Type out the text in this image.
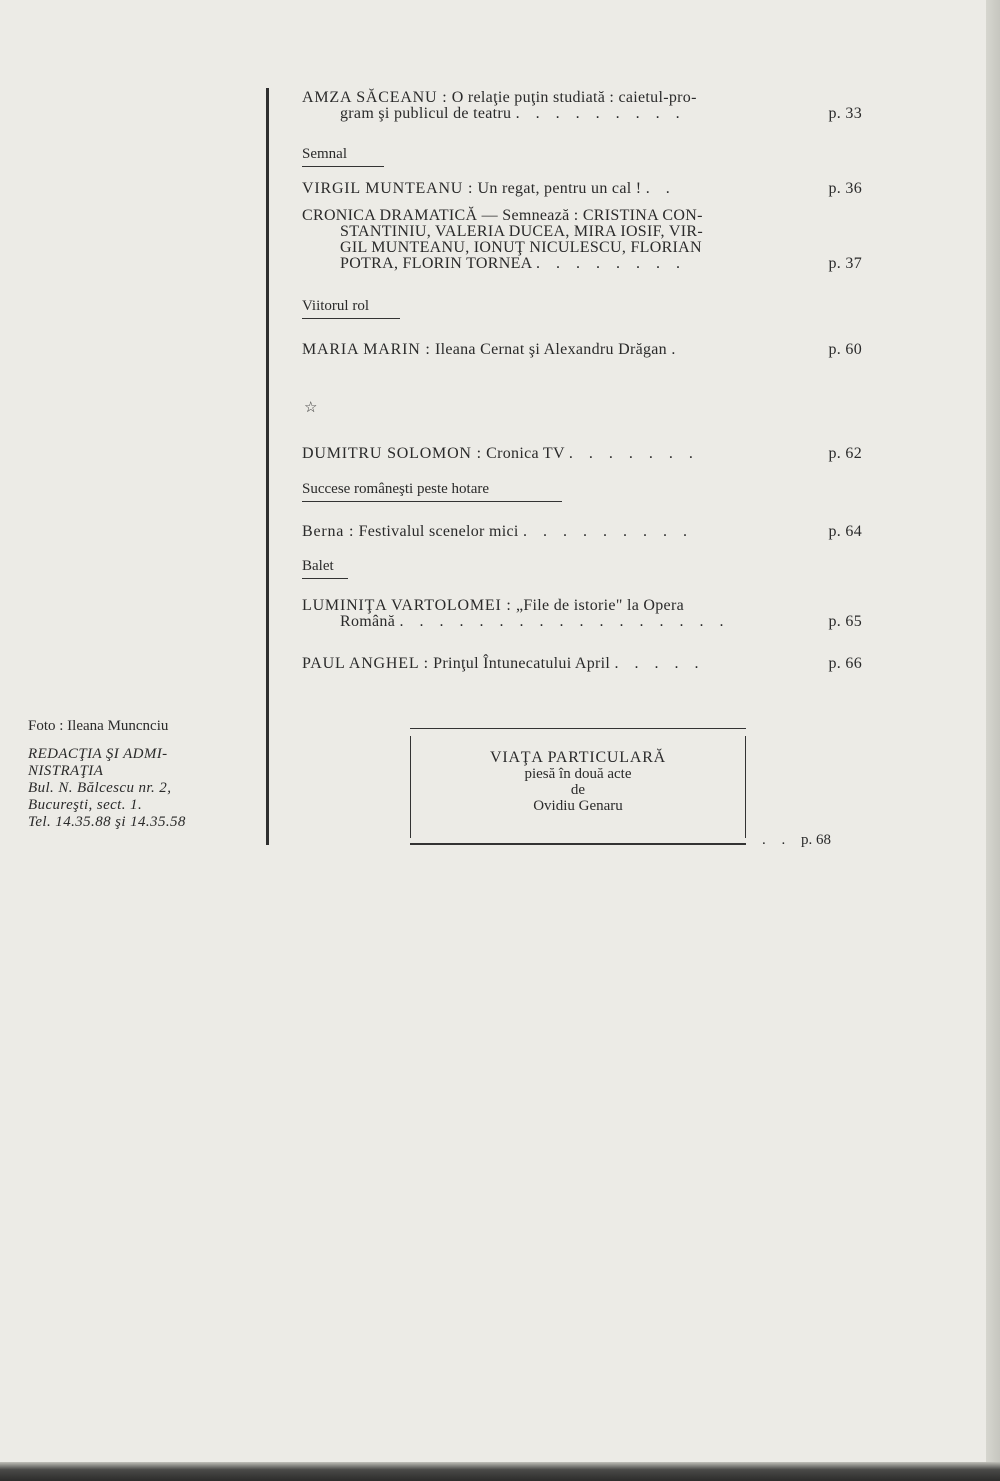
AMZA SĂCEANU : O relaţie puţin studiată : caietul-pro-
gram şi publicul de teatru . . . . . . . . .	p. 33
Semnal
VIRGIL MUNTEANU : Un regat, pentru un cal ! . .	p. 36
CRONICA DRAMATICĂ — Semnează : CRISTINA CON-
STANTINIU, VALERIA DUCEA, MIRA IOSIF, VIR-
GIL MUNTEANU, IONUŢ NICULESCU, FLORIAN
POTRA, FLORIN TORNEA . . . . . . . .	p. 37
Viitorul rol
MARIA MARIN : Ileana Cernat şi Alexandru Drăgan .	p. 60
DUMITRU SOLOMON : Cronica TV . . . . . . .	p. 62
Succese româneşti peste hotare
Berna : Festivalul scenelor mici . . . . . . . . .	p. 64
Balet
LUMINIŢA VARTOLOMEI : „File de istorie" la Opera
Română . . . . . . . . . . . . . . . . .	p. 65
PAUL ANGHEL : Prinţul Întunecatului April . . . . .	p. 66
☆
VIAŢA PARTICULARĂ
piesă în două acte
de
Ovidiu Genaru
. . p. 68
Foto : Ileana Muncnciu
REDACŢIA ŞI ADMI-
NISTRAŢIA
Bul. N. Bălcescu nr. 2,
Bucureşti, sect. 1.
Tel. 14.35.88 şi 14.35.58
